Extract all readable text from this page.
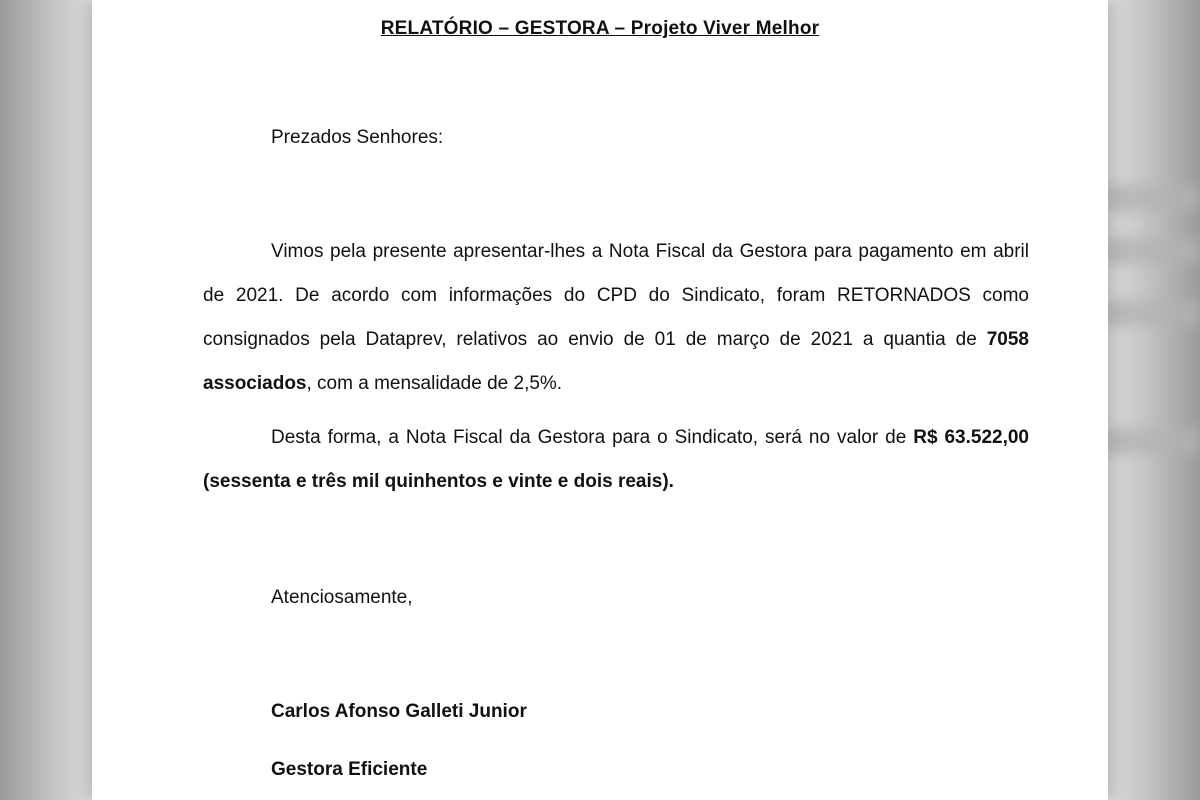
RELATÓRIO – GESTORA – Projeto Viver Melhor
Prezados Senhores:
Vimos pela presente apresentar-lhes a Nota Fiscal da Gestora para pagamento em abril de 2021. De acordo com informações do CPD do Sindicato, foram RETORNADOS como consignados pela Dataprev, relativos ao envio de 01 de março de 2021 a quantia de 7058 associados, com a mensalidade de 2,5%.
Desta forma, a Nota Fiscal da Gestora para o Sindicato, será no valor de R$ 63.522,00 (sessenta e três mil quinhentos e vinte e dois reais).
Atenciosamente,
Carlos Afonso Galleti Junior
Gestora Eficiente
